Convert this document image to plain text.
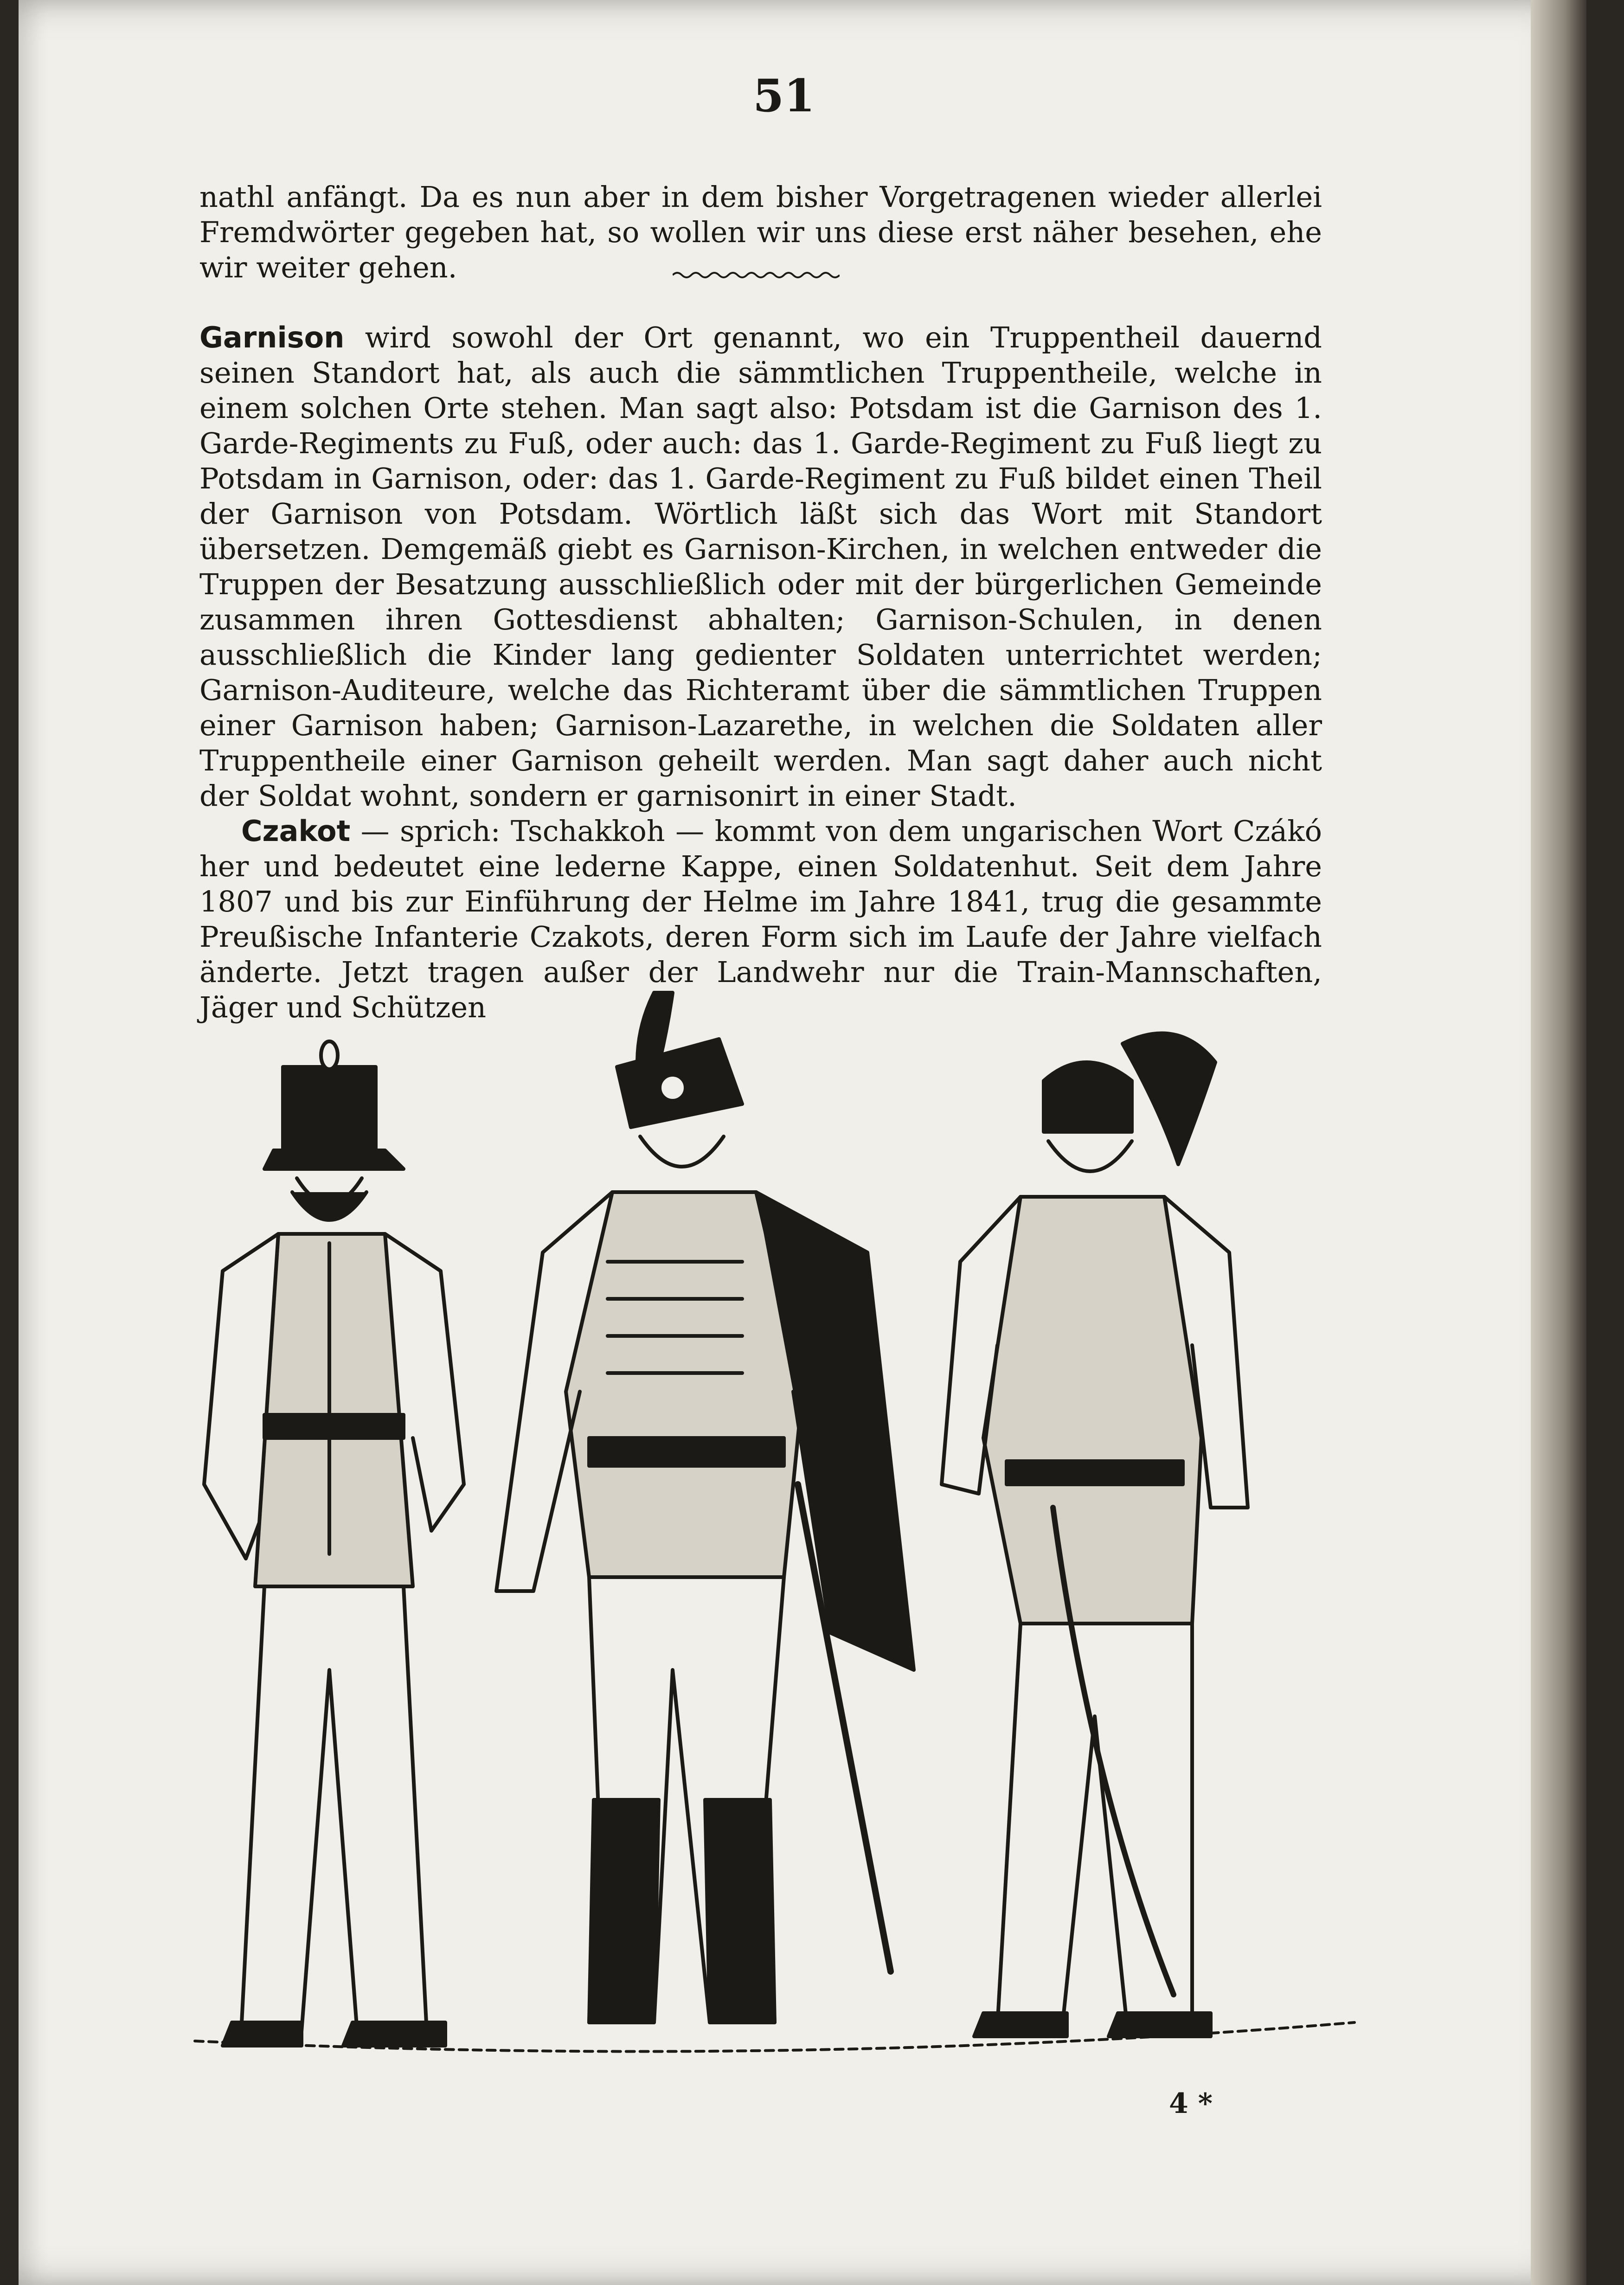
51

nathl anfängt. Da es nun aber in dem bisher Vorgetragenen wieder allerlei Fremdwörter gegeben hat, so wollen wir uns diese erst näher besehen, ehe wir weiter gehen.

Garnison wird sowohl der Ort genannt, wo ein Truppentheil dauernd seinen Standort hat, als auch die sämmtlichen Truppentheile, welche in einem solchen Orte stehen. Man sagt also: Potsdam ist die Garnison des 1. Garde-Regiments zu Fuß, oder auch: das 1. Garde-Regiment zu Fuß liegt zu Potsdam in Garnison, oder: das 1. Garde-Regiment zu Fuß bildet einen Theil der Garnison von Potsdam. Wörtlich läßt sich das Wort mit Standort übersetzen. Demgemäß giebt es Garnison-Kirchen, in welchen entweder die Truppen der Besatzung ausschließlich oder mit der bürgerlichen Gemeinde zusammen ihren Gottesdienst abhalten; Garnison-Schulen, in denen ausschließlich die Kinder lang gedienter Soldaten unterrichtet werden; Garnison-Auditeure, welche das Richteramt über die sämmtlichen Truppen einer Garnison haben; Garnison-Lazarethe, in welchen die Soldaten aller Truppentheile einer Garnison geheilt werden. Man sagt daher auch nicht der Soldat wohnt, sondern er garnisonirt in einer Stadt.

Czakot — sprich: Tschakkoh — kommt von dem ungarischen Wort Czákó her und bedeutet eine lederne Kappe, einen Soldatenhut. Seit dem Jahre 1807 und bis zur Einführung der Helme im Jahre 1841, trug die gesammte Preußische Infanterie Czakots, deren Form sich im Laufe der Jahre vielfach änderte. Jetzt tragen außer der Landwehr nur die Train-Mannschaften, Jäger und Schützen

4 *
